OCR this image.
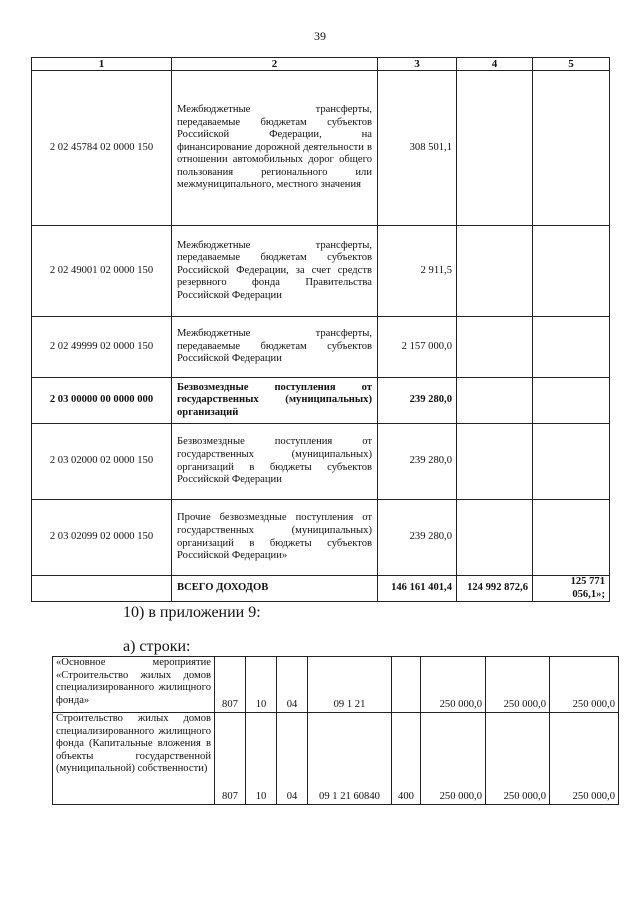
39
1	2	3	4	5
2 02 45784 02 0000 150	Межбюджетные трансферты, передаваемые бюджетам субъектов Российской Федерации, на финансирование дорожной деятельности в отношении автомобильных дорог общего пользования регионального или межмуниципального, местного значения	308 501,1		
2 02 49001 02 0000 150	Межбюджетные трансферты, передаваемые бюджетам субъектов Российской Федерации, за счет средств резервного фонда Правительства Российской Федерации	2 911,5		
2 02 49999 02 0000 150	Межбюджетные трансферты, передаваемые бюджетам субъектов Российской Федерации	2 157 000,0		
2 03 00000 00 0000 000	Безвозмездные поступления от государственных (муниципальных) организаций	239 280,0		
2 03 02000 02 0000 150	Безвозмездные поступления от государственных (муниципальных) организаций в бюджеты субъектов Российской Федерации	239 280,0		
2 03 02099 02 0000 150	Прочие безвозмездные поступления от государственных (муниципальных) организаций в бюджеты субъектов Российской Федерации»	239 280,0		
	ВСЕГО ДОХОДОВ	146 161 401,4	124 992 872,6	125 771 056,1»;
10) в приложении 9:
а) строки:
«Основное мероприятие «Строительство жилых домов специализированного жилищного фонда»	807	10	04	09 1 21		250 000,0	250 000,0	250 000,0
Строительство жилых домов специализированного жилищного фонда (Капитальные вложения в объекты государственной (муниципальной) собственности)	807	10	04	09 1 21 60840	400	250 000,0	250 000,0	250 000,0
